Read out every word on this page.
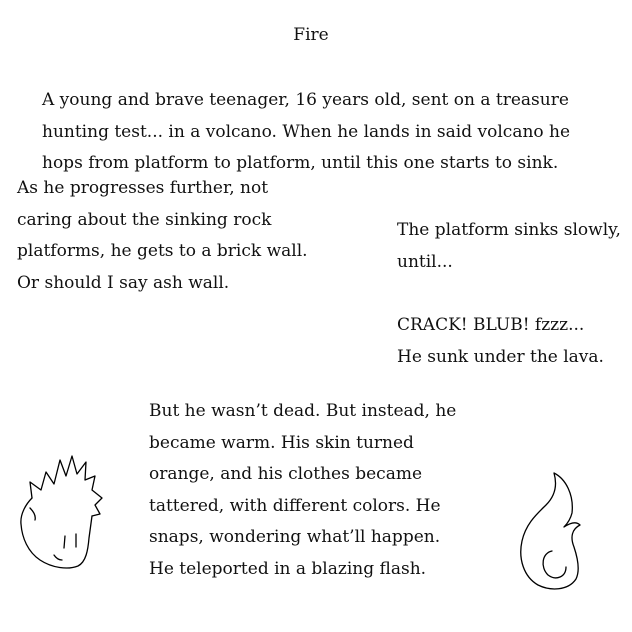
Fire
A young and brave teenager, 16 years old, sent on a treasure
hunting test... in a volcano. When he lands in said volcano he
hops from platform to platform, until this one starts to sink.
As he progresses further, not
caring about the sinking rock
platforms, he gets to a brick wall.
Or should I say ash wall.
The platform sinks slowly,
until...
CRACK! BLUB! fzzz...
He sunk under the lava.
But he wasn’t dead. But instead, he
became warm. His skin turned
orange, and his clothes became
tattered, with different colors. He
snaps, wondering what’ll happen.
He teleported in a blazing flash.
